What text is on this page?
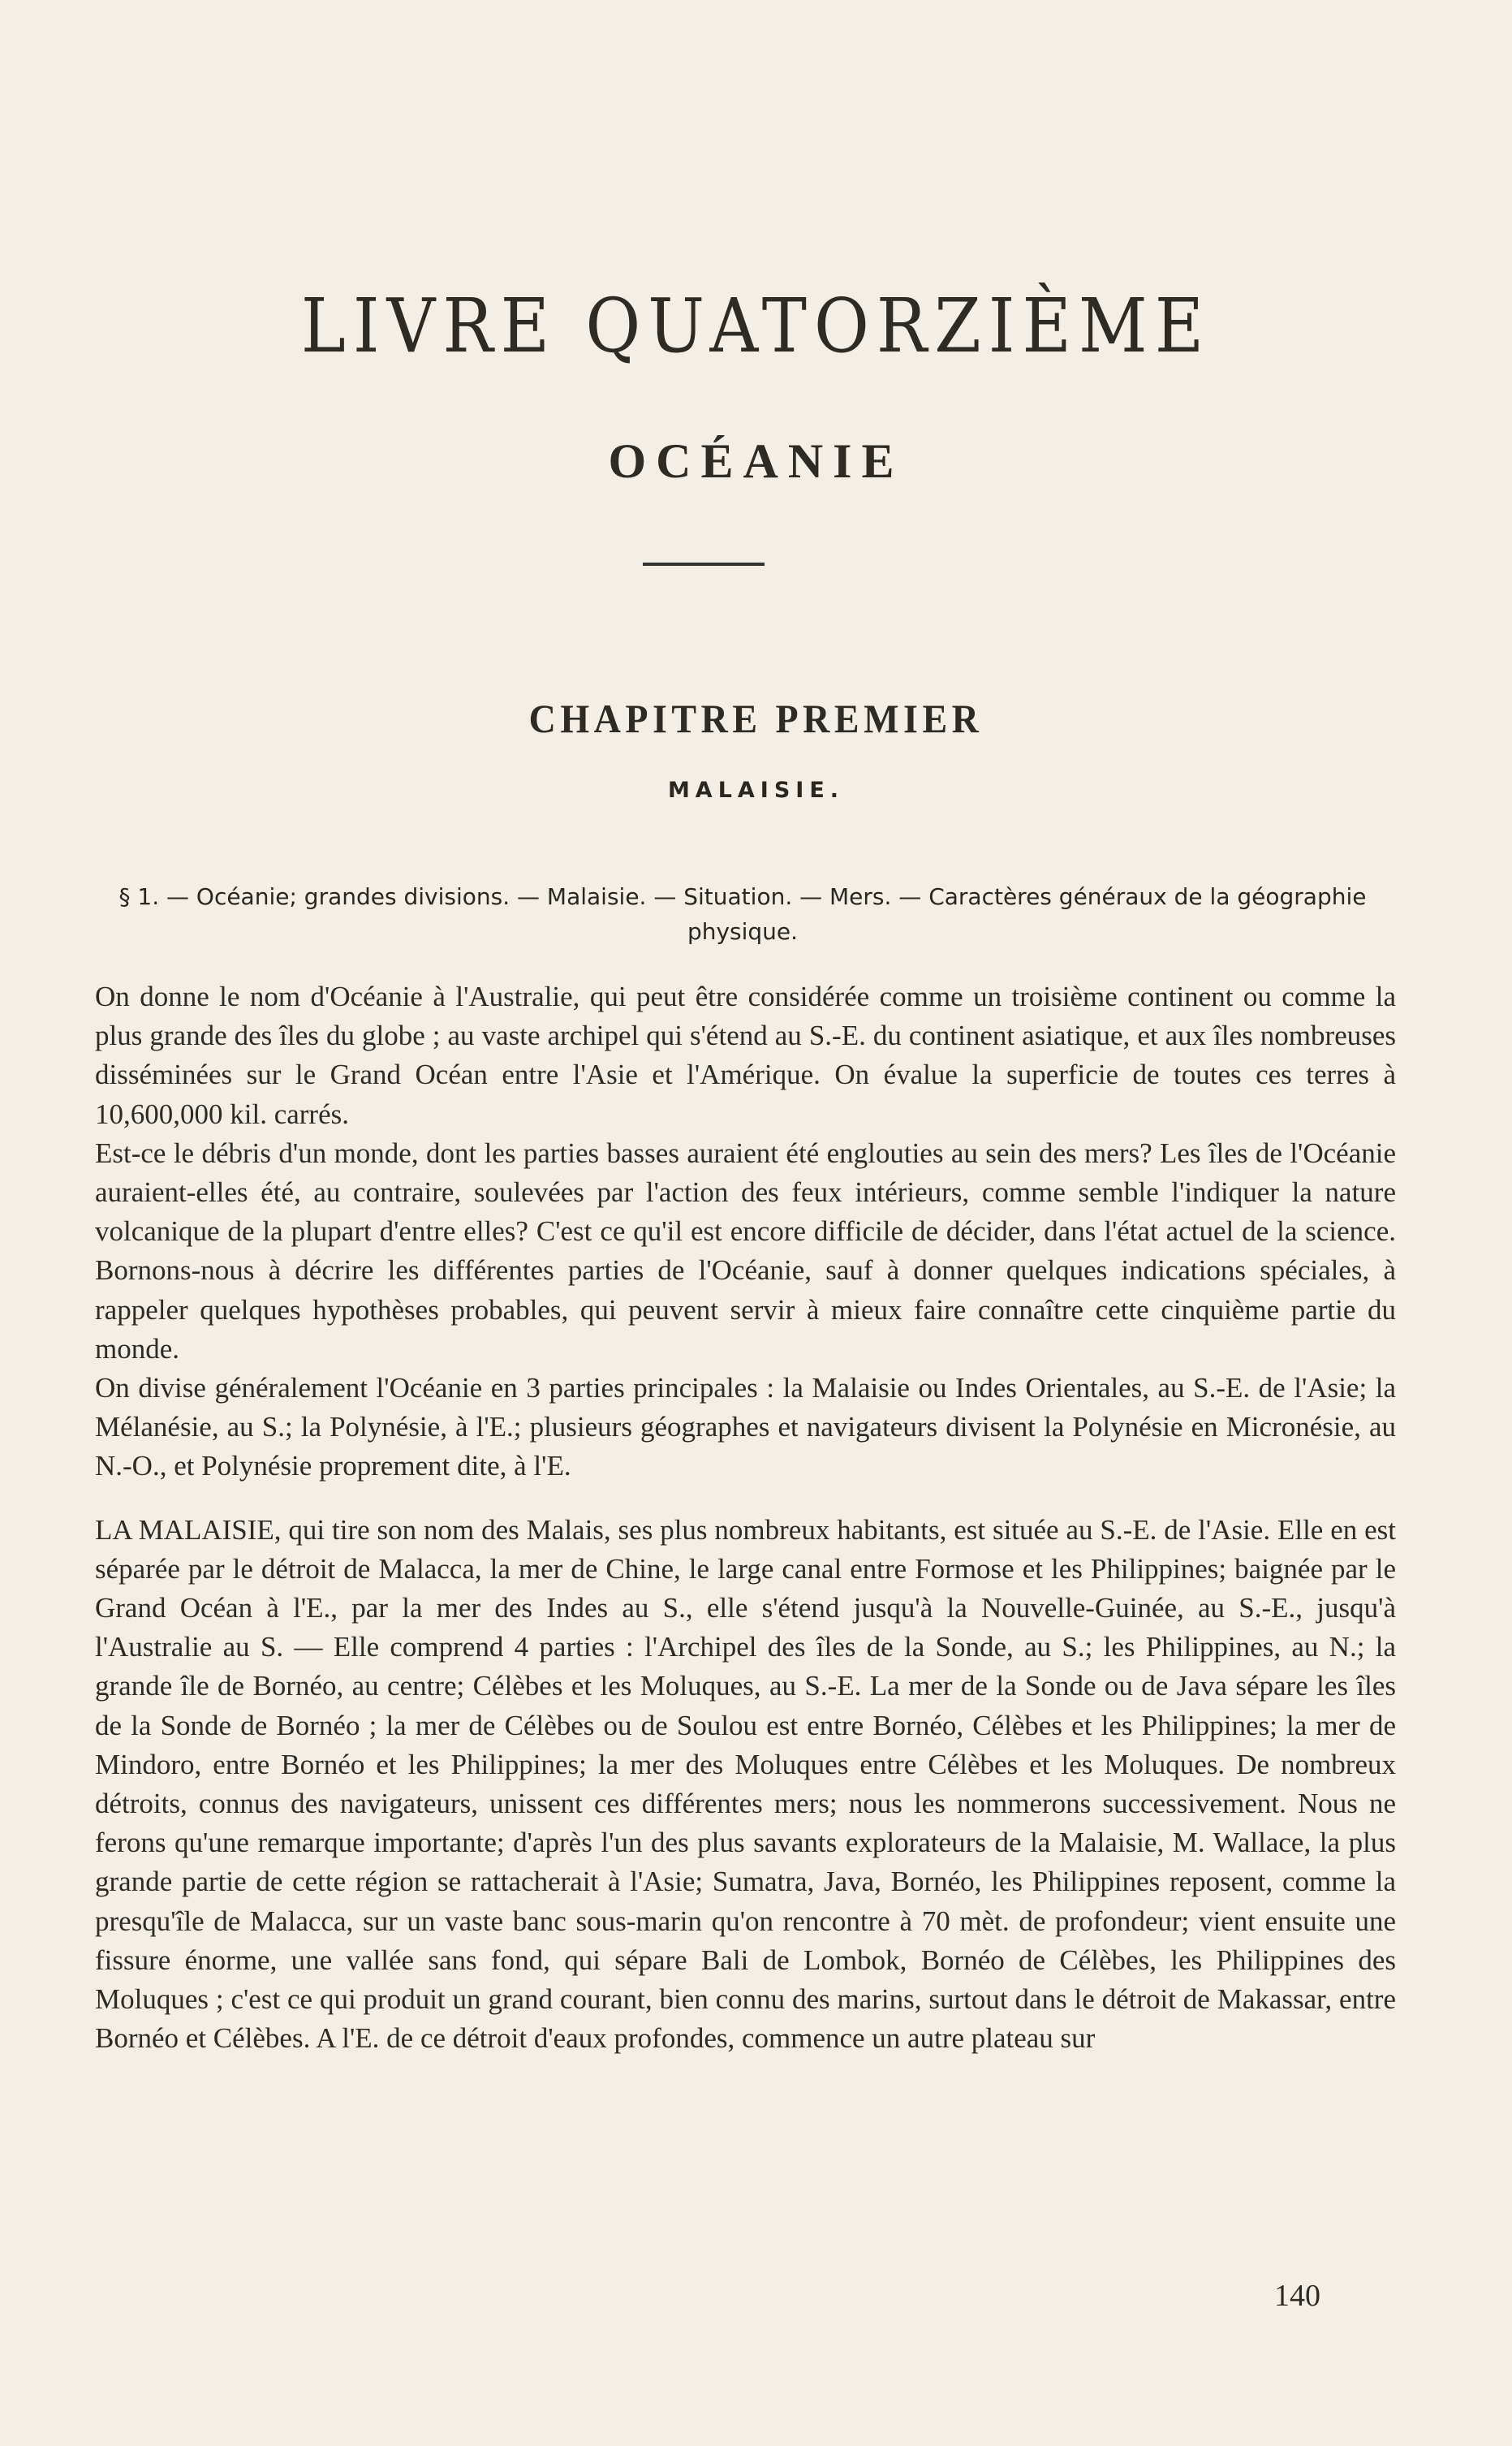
LIVRE QUATORZIÈME
OCÉANIE
CHAPITRE PREMIER
MALAISIE.
§ 1. — Océanie; grandes divisions. — Malaisie. — Situation. — Mers. — Caractères généraux de la géographie physique.

On donne le nom d'Océanie à l'Australie, qui peut être considérée comme un troisième continent ou comme la plus grande des îles du globe ; au vaste archipel qui s'étend au S.-E. du continent asiatique, et aux îles nombreuses disséminées sur le Grand Océan entre l'Asie et l'Amérique. On évalue la superficie de toutes ces terres à 10,600,000 kil. carrés.

Est-ce le débris d'un monde, dont les parties basses auraient été englouties au sein des mers? Les îles de l'Océanie auraient-elles été, au contraire, soulevées par l'action des feux intérieurs, comme semble l'indiquer la nature volcanique de la plupart d'entre elles? C'est ce qu'il est encore difficile de décider, dans l'état actuel de la science. Bornons-nous à décrire les différentes parties de l'Océanie, sauf à donner quelques indications spéciales, à rappeler quelques hypothèses probables, qui peuvent servir à mieux faire connaître cette cinquième partie du monde.

On divise généralement l'Océanie en 3 parties principales : la Malaisie ou Indes Orientales, au S.-E. de l'Asie; la Mélanésie, au S.; la Polynésie, à l'E.; plusieurs géographes et navigateurs divisent la Polynésie en Micronésie, au N.-O., et Polynésie proprement dite, à l'E.

LA MALAISIE, qui tire son nom des Malais, ses plus nombreux habitants, est située au S.-E. de l'Asie. Elle en est séparée par le détroit de Malacca, la mer de Chine, le large canal entre Formose et les Philippines; baignée par le Grand Océan à l'E., par la mer des Indes au S., elle s'étend jusqu'à la Nouvelle-Guinée, au S.-E., jusqu'à l'Australie au S. — Elle comprend 4 parties : l'Archipel des îles de la Sonde, au S.; les Philippines, au N.; la grande île de Bornéo, au centre; Célèbes et les Moluques, au S.-E. La mer de la Sonde ou de Java sépare les îles de la Sonde de Bornéo ; la mer de Célèbes ou de Soulou est entre Bornéo, Célèbes et les Philippines; la mer de Mindoro, entre Bornéo et les Philippines; la mer des Moluques entre Célèbes et les Moluques. De nombreux détroits, connus des navigateurs, unissent ces différentes mers; nous les nommerons successivement. Nous ne ferons qu'une remarque importante; d'après l'un des plus savants explorateurs de la Malaisie, M. Wallace, la plus grande partie de cette région se rattacherait à l'Asie; Sumatra, Java, Bornéo, les Philippines reposent, comme la presqu'île de Malacca, sur un vaste banc sous-marin qu'on rencontre à 70 mèt. de profondeur; vient ensuite une fissure énorme, une vallée sans fond, qui sépare Bali de Lombok, Bornéo de Célèbes, les Philippines des Moluques ; c'est ce qui produit un grand courant, bien connu des marins, surtout dans le détroit de Makassar, entre Bornéo et Célèbes. A l'E. de ce détroit d'eaux profondes, commence un autre plateau sur

140
